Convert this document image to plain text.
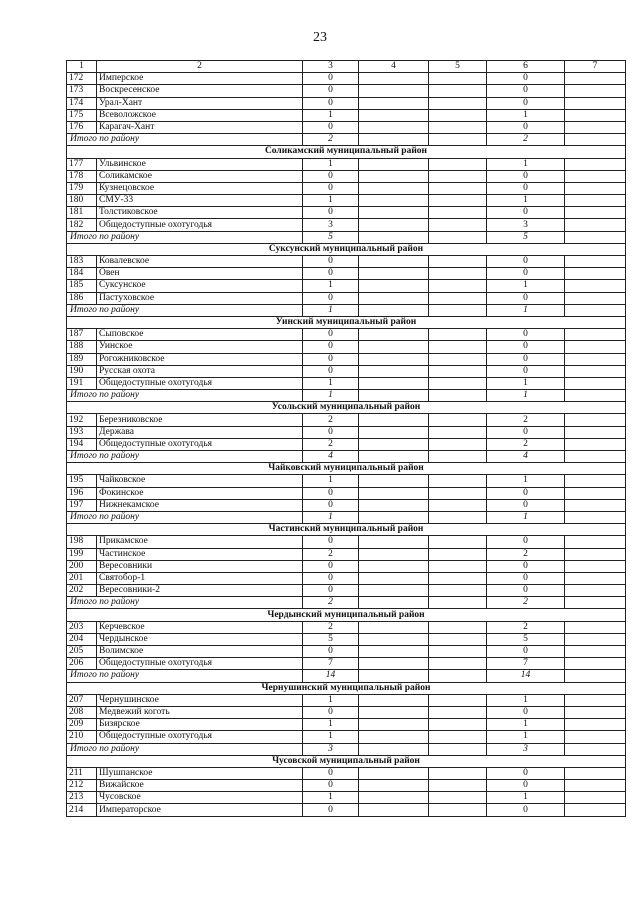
23
1	2	3	4	5	6	7
172	Имперское	0			0	
173	Воскресенское	0			0	
174	Урал-Хант	0			0	
175	Всеволожское	1			1	
176	Карагач-Хант	0			0	
Итого по району		2			2	
Соликамский муниципальный район						
177	Ульвинское	1			1	
178	Соликамское	0			0	
179	Кузнецовское	0			0	
180	СМУ-33	1			1	
181	Толстиковское	0			0	
182	Общедоступные охотугодья	3			3	
Итого по району		5			5	
Суксунский муниципальный район						
183	Ковалевское	0			0	
184	Овен	0			0	
185	Суксунское	1			1	
186	Пастуховское	0			0	
Итого по району		1			1	
Уинский муниципальный район						
187	Сыповское	0			0	
188	Уинское	0			0	
189	Рогожниковское	0			0	
190	Русская охота	0			0	
191	Общедоступные охотугодья	1			1	
Итого по району		1			1	
Усольский муниципальный район						
192	Березниковское	2			2	
193	Держава	0			0	
194	Общедоступные охотугодья	2			2	
Итого по району		4			4	
Чайковский муниципальный район						
195	Чайковское	1			1	
196	Фокинское	0			0	
197	Нижнекамское	0			0	
Итого по району		1			1	
Частинский муниципальный район						
198	Прикамское	0			0	
199	Частинское	2			2	
200	Вересовники	0			0	
201	Святобор-1	0			0	
202	Вересовники-2	0			0	
Итого по району		2			2	
Чердынский муниципальный район						
203	Керчевское	2			2	
204	Чердынское	5			5	
205	Волимское	0			0	
206	Общедоступные охотугодья	7			7	
Итого по району		14			14	
Чернушинский муниципальный район						
207	Чернушинское	1			1	
208	Медвежий коготь	0			0	
209	Бизярское	1			1	
210	Общедоступные охотугодья	1			1	
Итого по району		3			3	
Чусовской муниципальный район						
211	Шушпанское	0			0	
212	Вижайское	0			0	
213	Чусовское	1			1	
214	Императорское	0			0	
